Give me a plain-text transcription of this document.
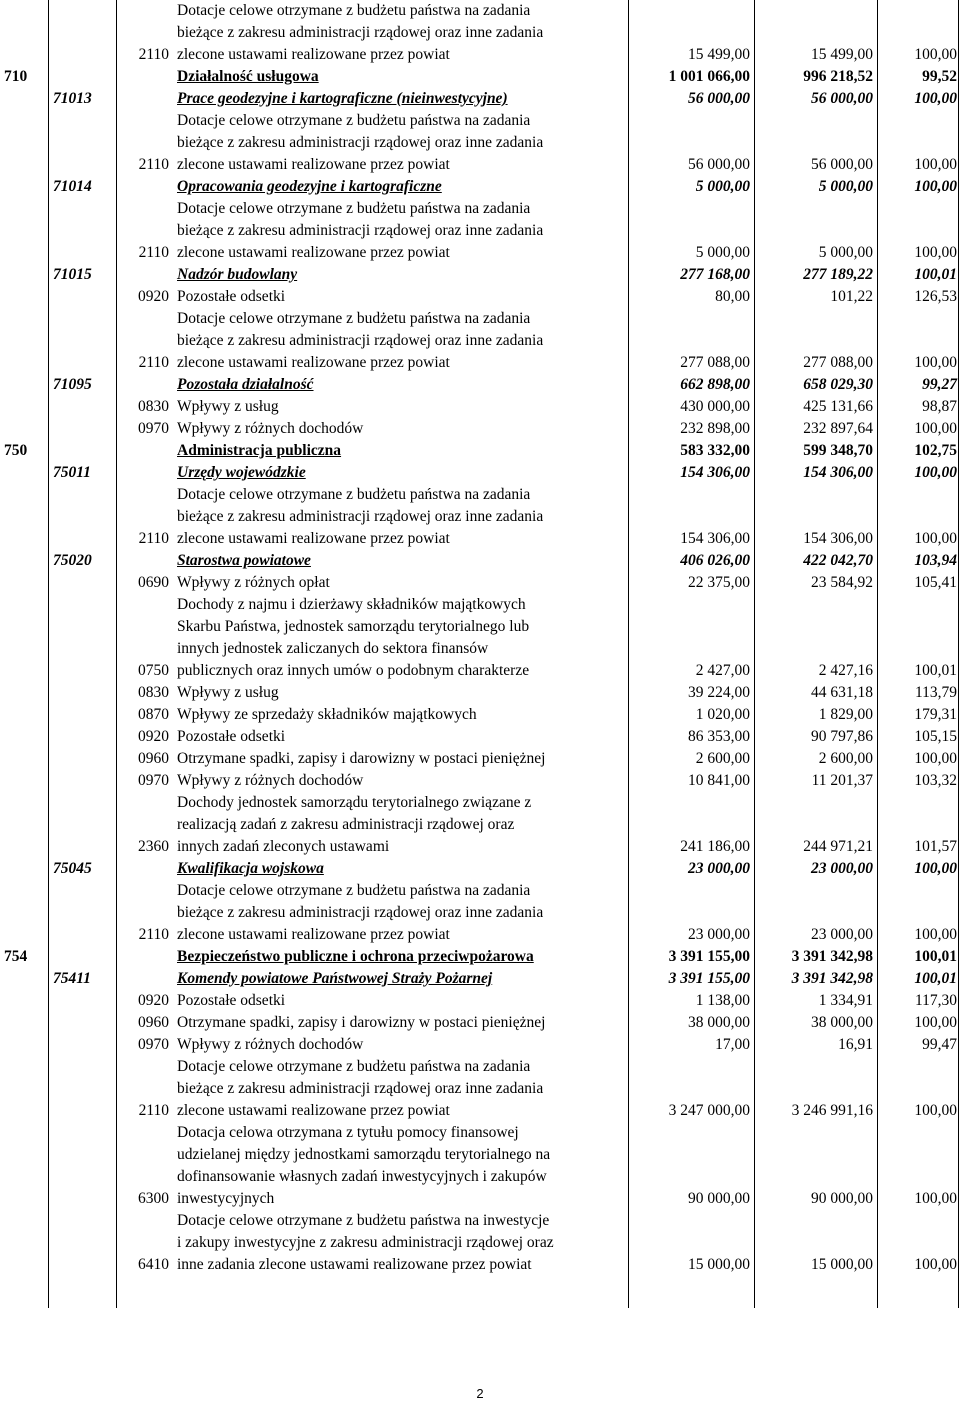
		2110	Dotacje celowe otrzymane z budżetu państwa na zadania
bieżące z zakresu administracji rządowej oraz inne zadania
zlecone ustawami realizowane przez powiat	15 499,00	15 499,00	100,00
710			Działalność usługowa	1 001 066,00	996 218,52	99,52
	71013		Prace geodezyjne i kartograficzne (nieinwestycyjne)	56 000,00	56 000,00	100,00
		2110	Dotacje celowe otrzymane z budżetu państwa na zadania
bieżące z zakresu administracji rządowej oraz inne zadania
zlecone ustawami realizowane przez powiat	56 000,00	56 000,00	100,00
	71014		Opracowania geodezyjne i kartograficzne	5 000,00	5 000,00	100,00
		2110	Dotacje celowe otrzymane z budżetu państwa na zadania
bieżące z zakresu administracji rządowej oraz inne zadania
zlecone ustawami realizowane przez powiat	5 000,00	5 000,00	100,00
	71015		Nadzór budowlany	277 168,00	277 189,22	100,01
		0920	Pozostałe odsetki	80,00	101,22	126,53
		2110	Dotacje celowe otrzymane z budżetu państwa na zadania
bieżące z zakresu administracji rządowej oraz inne zadania
zlecone ustawami realizowane przez powiat	277 088,00	277 088,00	100,00
	71095		Pozostała działalność	662 898,00	658 029,30	99,27
		0830	Wpływy z usług	430 000,00	425 131,66	98,87
		0970	Wpływy z różnych dochodów	232 898,00	232 897,64	100,00
750			Administracja publiczna	583 332,00	599 348,70	102,75
	75011		Urzędy wojewódzkie	154 306,00	154 306,00	100,00
		2110	Dotacje celowe otrzymane z budżetu państwa na zadania
bieżące z zakresu administracji rządowej oraz inne zadania
zlecone ustawami realizowane przez powiat	154 306,00	154 306,00	100,00
	75020		Starostwa powiatowe	406 026,00	422 042,70	103,94
		0690	Wpływy z różnych opłat	22 375,00	23 584,92	105,41
		0750	Dochody z najmu i dzierżawy składników majątkowych
Skarbu Państwa, jednostek samorządu terytorialnego lub
innych jednostek zaliczanych do sektora finansów
publicznych oraz innych umów o podobnym charakterze	2 427,00	2 427,16	100,01
		0830	Wpływy z usług	39 224,00	44 631,18	113,79
		0870	Wpływy ze sprzedaży składników majątkowych	1 020,00	1 829,00	179,31
		0920	Pozostałe odsetki	86 353,00	90 797,86	105,15
		0960	Otrzymane spadki, zapisy i darowizny w postaci pieniężnej	2 600,00	2 600,00	100,00
		0970	Wpływy z różnych dochodów	10 841,00	11 201,37	103,32
		2360	Dochody jednostek samorządu terytorialnego związane z
realizacją zadań z zakresu administracji rządowej oraz
innych zadań zleconych ustawami	241 186,00	244 971,21	101,57
	75045		Kwalifikacja wojskowa	23 000,00	23 000,00	100,00
		2110	Dotacje celowe otrzymane z budżetu państwa na zadania
bieżące z zakresu administracji rządowej oraz inne zadania
zlecone ustawami realizowane przez powiat	23 000,00	23 000,00	100,00
754			Bezpieczeństwo publiczne i ochrona przeciwpożarowa	3 391 155,00	3 391 342,98	100,01
	75411		Komendy powiatowe Państwowej Straży Pożarnej	3 391 155,00	3 391 342,98	100,01
		0920	Pozostałe odsetki	1 138,00	1 334,91	117,30
		0960	Otrzymane spadki, zapisy i darowizny w postaci pieniężnej	38 000,00	38 000,00	100,00
		0970	Wpływy z różnych dochodów	17,00	16,91	99,47
		2110	Dotacje celowe otrzymane z budżetu państwa na zadania
bieżące z zakresu administracji rządowej oraz inne zadania
zlecone ustawami realizowane przez powiat	3 247 000,00	3 246 991,16	100,00
		6300	Dotacja celowa otrzymana z tytułu pomocy finansowej
udzielanej między jednostkami samorządu terytorialnego na
dofinansowanie własnych zadań inwestycyjnych i zakupów
inwestycyjnych	90 000,00	90 000,00	100,00
		6410	Dotacje celowe otrzymane z budżetu państwa na inwestycje
i zakupy inwestycyjne z zakresu administracji rządowej oraz
inne zadania zlecone ustawami realizowane przez powiat	15 000,00	15 000,00	100,00
2
